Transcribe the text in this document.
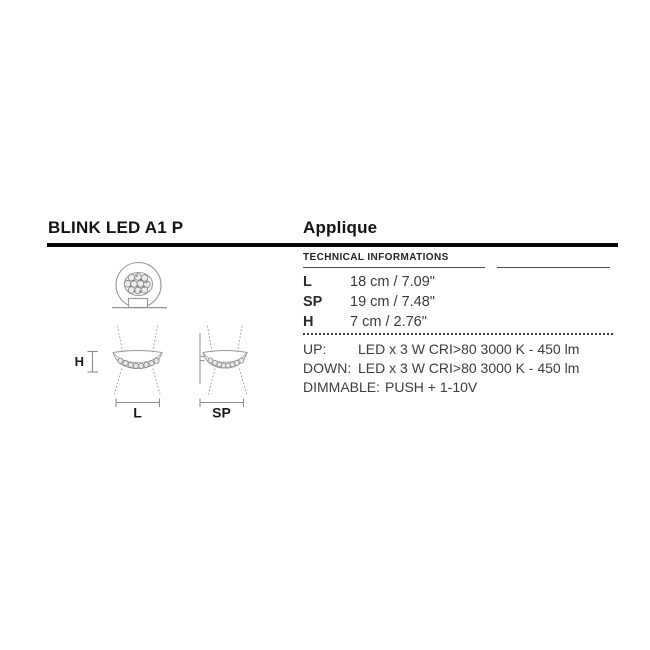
BLINK LED A1 P	Applique
TECHNICAL INFORMATIONS
L	18 cm / 7.09"
SP	19 cm / 7.48"
H	7 cm / 2.76"
UP:	LED x 3 W CRI>80 3000 K - 450 lm
DOWN: LED x 3 W CRI>80 3000 K - 450 lm
DIMMABLE: PUSH + 1-10V
H
L	SP
